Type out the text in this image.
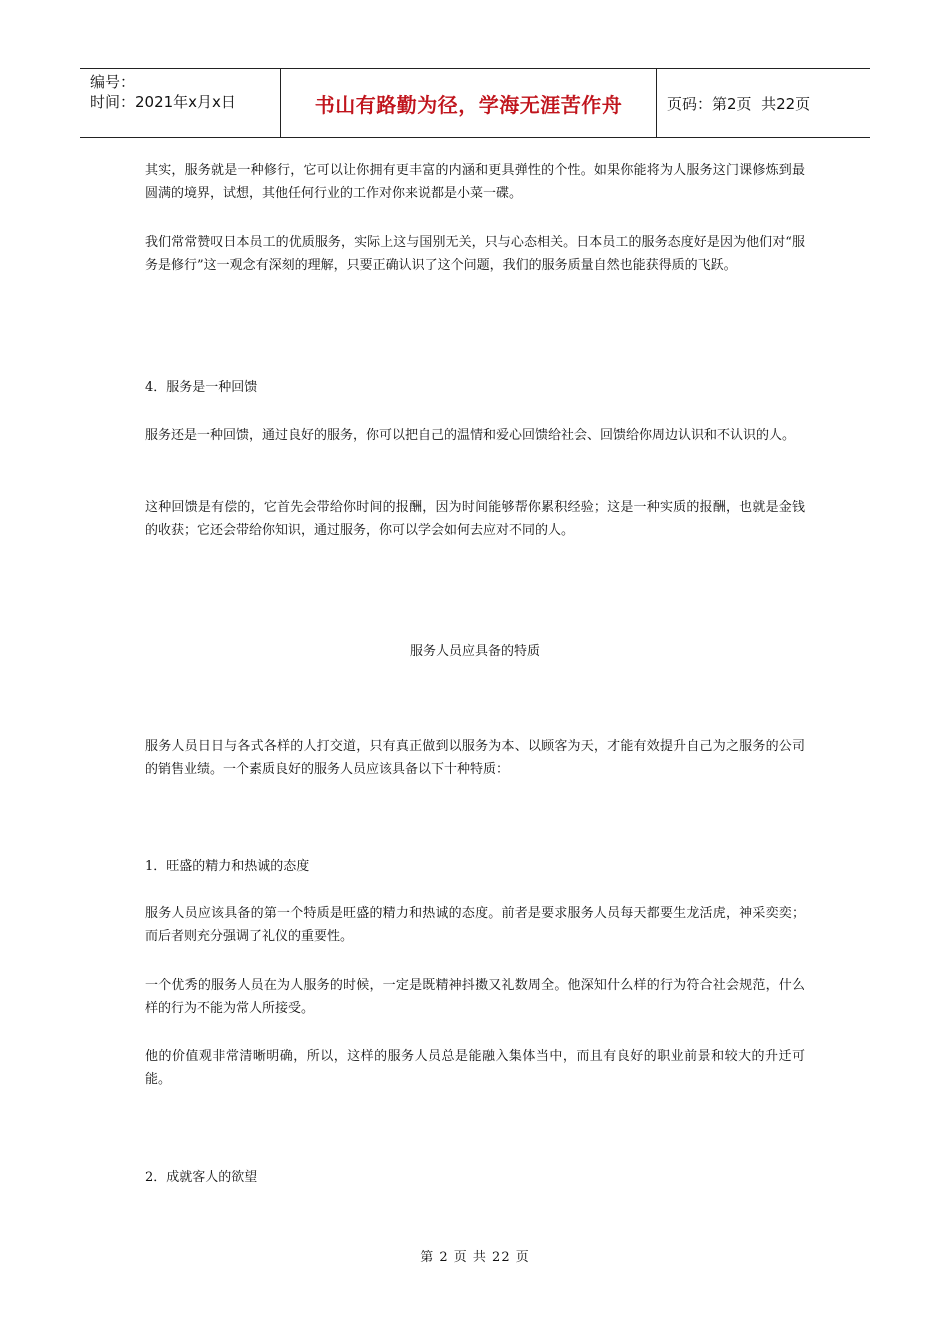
编号：
时间：2021年x月x日	书山有路勤为径，学海无涯苦作舟	页码：第2页  共22页

其实，服务就是一种修行，它可以让你拥有更丰富的内涵和更具弹性的个性。如果你能将为人服务这门课修炼到最圆满的境界，试想，其他任何行业的工作对你来说都是小菜一碟。

我们常常赞叹日本员工的优质服务，实际上这与国别无关，只与心态相关。日本员工的服务态度好是因为他们对“服务是修行”这一观念有深刻的理解，只要正确认识了这个问题，我们的服务质量自然也能获得质的飞跃。

4．服务是一种回馈

服务还是一种回馈，通过良好的服务，你可以把自己的温情和爱心回馈给社会、回馈给你周边认识和不认识的人。

这种回馈是有偿的，它首先会带给你时间的报酬，因为时间能够帮你累积经验；这是一种实质的报酬，也就是金钱的收获；它还会带给你知识，通过服务，你可以学会如何去应对不同的人。

服务人员应具备的特质

服务人员日日与各式各样的人打交道，只有真正做到以服务为本、以顾客为天，才能有效提升自己为之服务的公司的销售业绩。一个素质良好的服务人员应该具备以下十种特质：

1．旺盛的精力和热诚的态度

服务人员应该具备的第一个特质是旺盛的精力和热诚的态度。前者是要求服务人员每天都要生龙活虎，神采奕奕；而后者则充分强调了礼仪的重要性。

一个优秀的服务人员在为人服务的时候，一定是既精神抖擞又礼数周全。他深知什么样的行为符合社会规范，什么样的行为不能为常人所接受。

他的价值观非常清晰明确，所以，这样的服务人员总是能融入集体当中，而且有良好的职业前景和较大的升迁可能。

2．成就客人的欲望

第 2 页 共 22 页
